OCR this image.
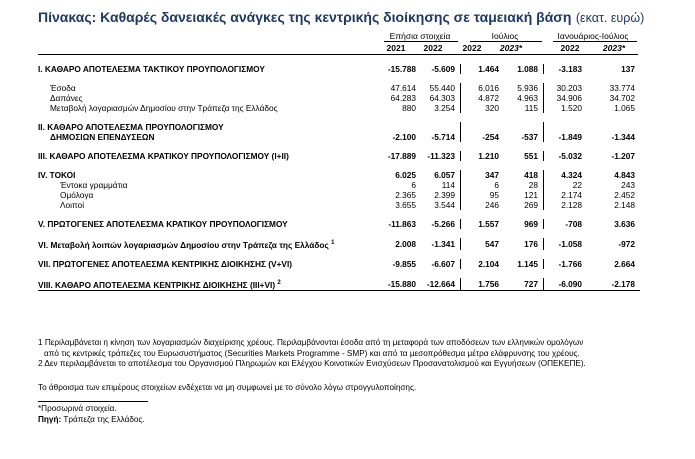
Πίνακας: Καθαρές δανειακές ανάγκες της κεντρικής διοίκησης σε ταμειακή βάση (εκατ. ευρώ)
Επήσια στοιχεία	Ιούλιος	Ιανουάριος-Ιούλιος
2021	2022	2022	2023*	2022	2023*

I. ΚΑΘΑΡΟ ΑΠΟΤΕΛΕΣΜΑ ΤΑΚΤΙΚΟΥ ΠΡΟΥΠΟΛΟΓΙΣΜΟΥ	-15.788	-5.609		1.464	1.088		-3.183		137

Έσοδα	47.614	55.440		6.016	5.936		30.203		33.774
Δαπάνες	64.283	64.303		4.872	4.963		34.906		34.702
Μεταβολή λογαριασμών Δημοσίου στην Τράπεζα της Ελλάδος	880	3.254		320	115		1.520		1.065

II. ΚΑΘΑΡΟ ΑΠΟΤΕΛΕΣΜΑ ΠΡΟΥΠΟΛΟΓΙΣΜΟΥ									
ΔΗΜΟΣΙΩΝ ΕΠΕΝΔΥΣΕΩΝ	-2.100	-5.714		-254	-537		-1.849		-1.344

III. ΚΑΘΑΡΟ ΑΠΟΤΕΛΕΣΜΑ ΚΡΑΤΙΚΟΥ ΠΡΟΥΠΟΛΟΓΙΣΜΟΥ (I+II)	-17.889	-11.323		1.210	551		-5.032		-1.207

IV. ΤΟΚΟΙ	6.025	6.057		347	418		4.324		4.843
Έντοκα γραμμάτια	6	114		6	28		22		243
Ομόλογα	2.365	2.399		95	121		2.174		2.452
Λοιποί	3.655	3.544		246	269		2.128		2.148

V. ΠΡΩΤΟΓΕΝΕΣ ΑΠΟΤΕΛΕΣΜΑ ΚΡΑΤΙΚΟΥ ΠΡΟΥΠΟΛΟΓΙΣΜΟΥ	-11.863	-5.266		1.557	969		-708		3.636

VI. Μεταβολή λοιπών λογαριασμών Δημοσίου στην Τράπεζα της Ελλάδος $^1$	2.008	-1.341		547	176		-1.058		-972

VII. ΠΡΩΤΟΓΕΝΕΣ ΑΠΟΤΕΛΕΣΜΑ ΚΕΝΤΡΙΚΗΣ ΔΙΟΙΚΗΣΗΣ (V+VI)	-9.855	-6.607		2.104	1.145		-1.766		2.664

VIII. ΚΑΘΑΡΟ ΑΠΟΤΕΛΕΣΜΑ ΚΕΝΤΡΙΚΗΣ ΔΙΟΙΚΗΣΗΣ (III+VI) $^2$	-15.880	-12.664		1.756	727		-6.090		-2.178
1 Περιλαμβάνεται η κίνηση των λογαριασμών διαχείρισης χρέους. Περιλαμβάνονται έσοδα από τη μεταφορά των αποδόσεων των ελληνικών ομολόγων
από τις κεντρικές τράπεζες του Ευρωσυστήματος (Securities Markets Programme - SMP) και από τα μεσοπρόθεσμα μέτρα ελάφρυνσης του χρέους.
2 Δεν περιλαμβάνεται το αποτέλεσμα του Οργανισμού Πληρωμών και Ελέγχου Κοινοτικών Ενισχύσεων Προσανατολισμού και Εγγυήσεων (ΟΠΕΚΕΠΕ).
Το άθροισμα των επιμέρους στοιχείων ενδέχεται να μη συμφωνεί με το σύνολο λόγω στρογγυλοποίησης.
*Προσωρινά στοιχεία.
Πηγή: Τράπεζα της Ελλάδος.
